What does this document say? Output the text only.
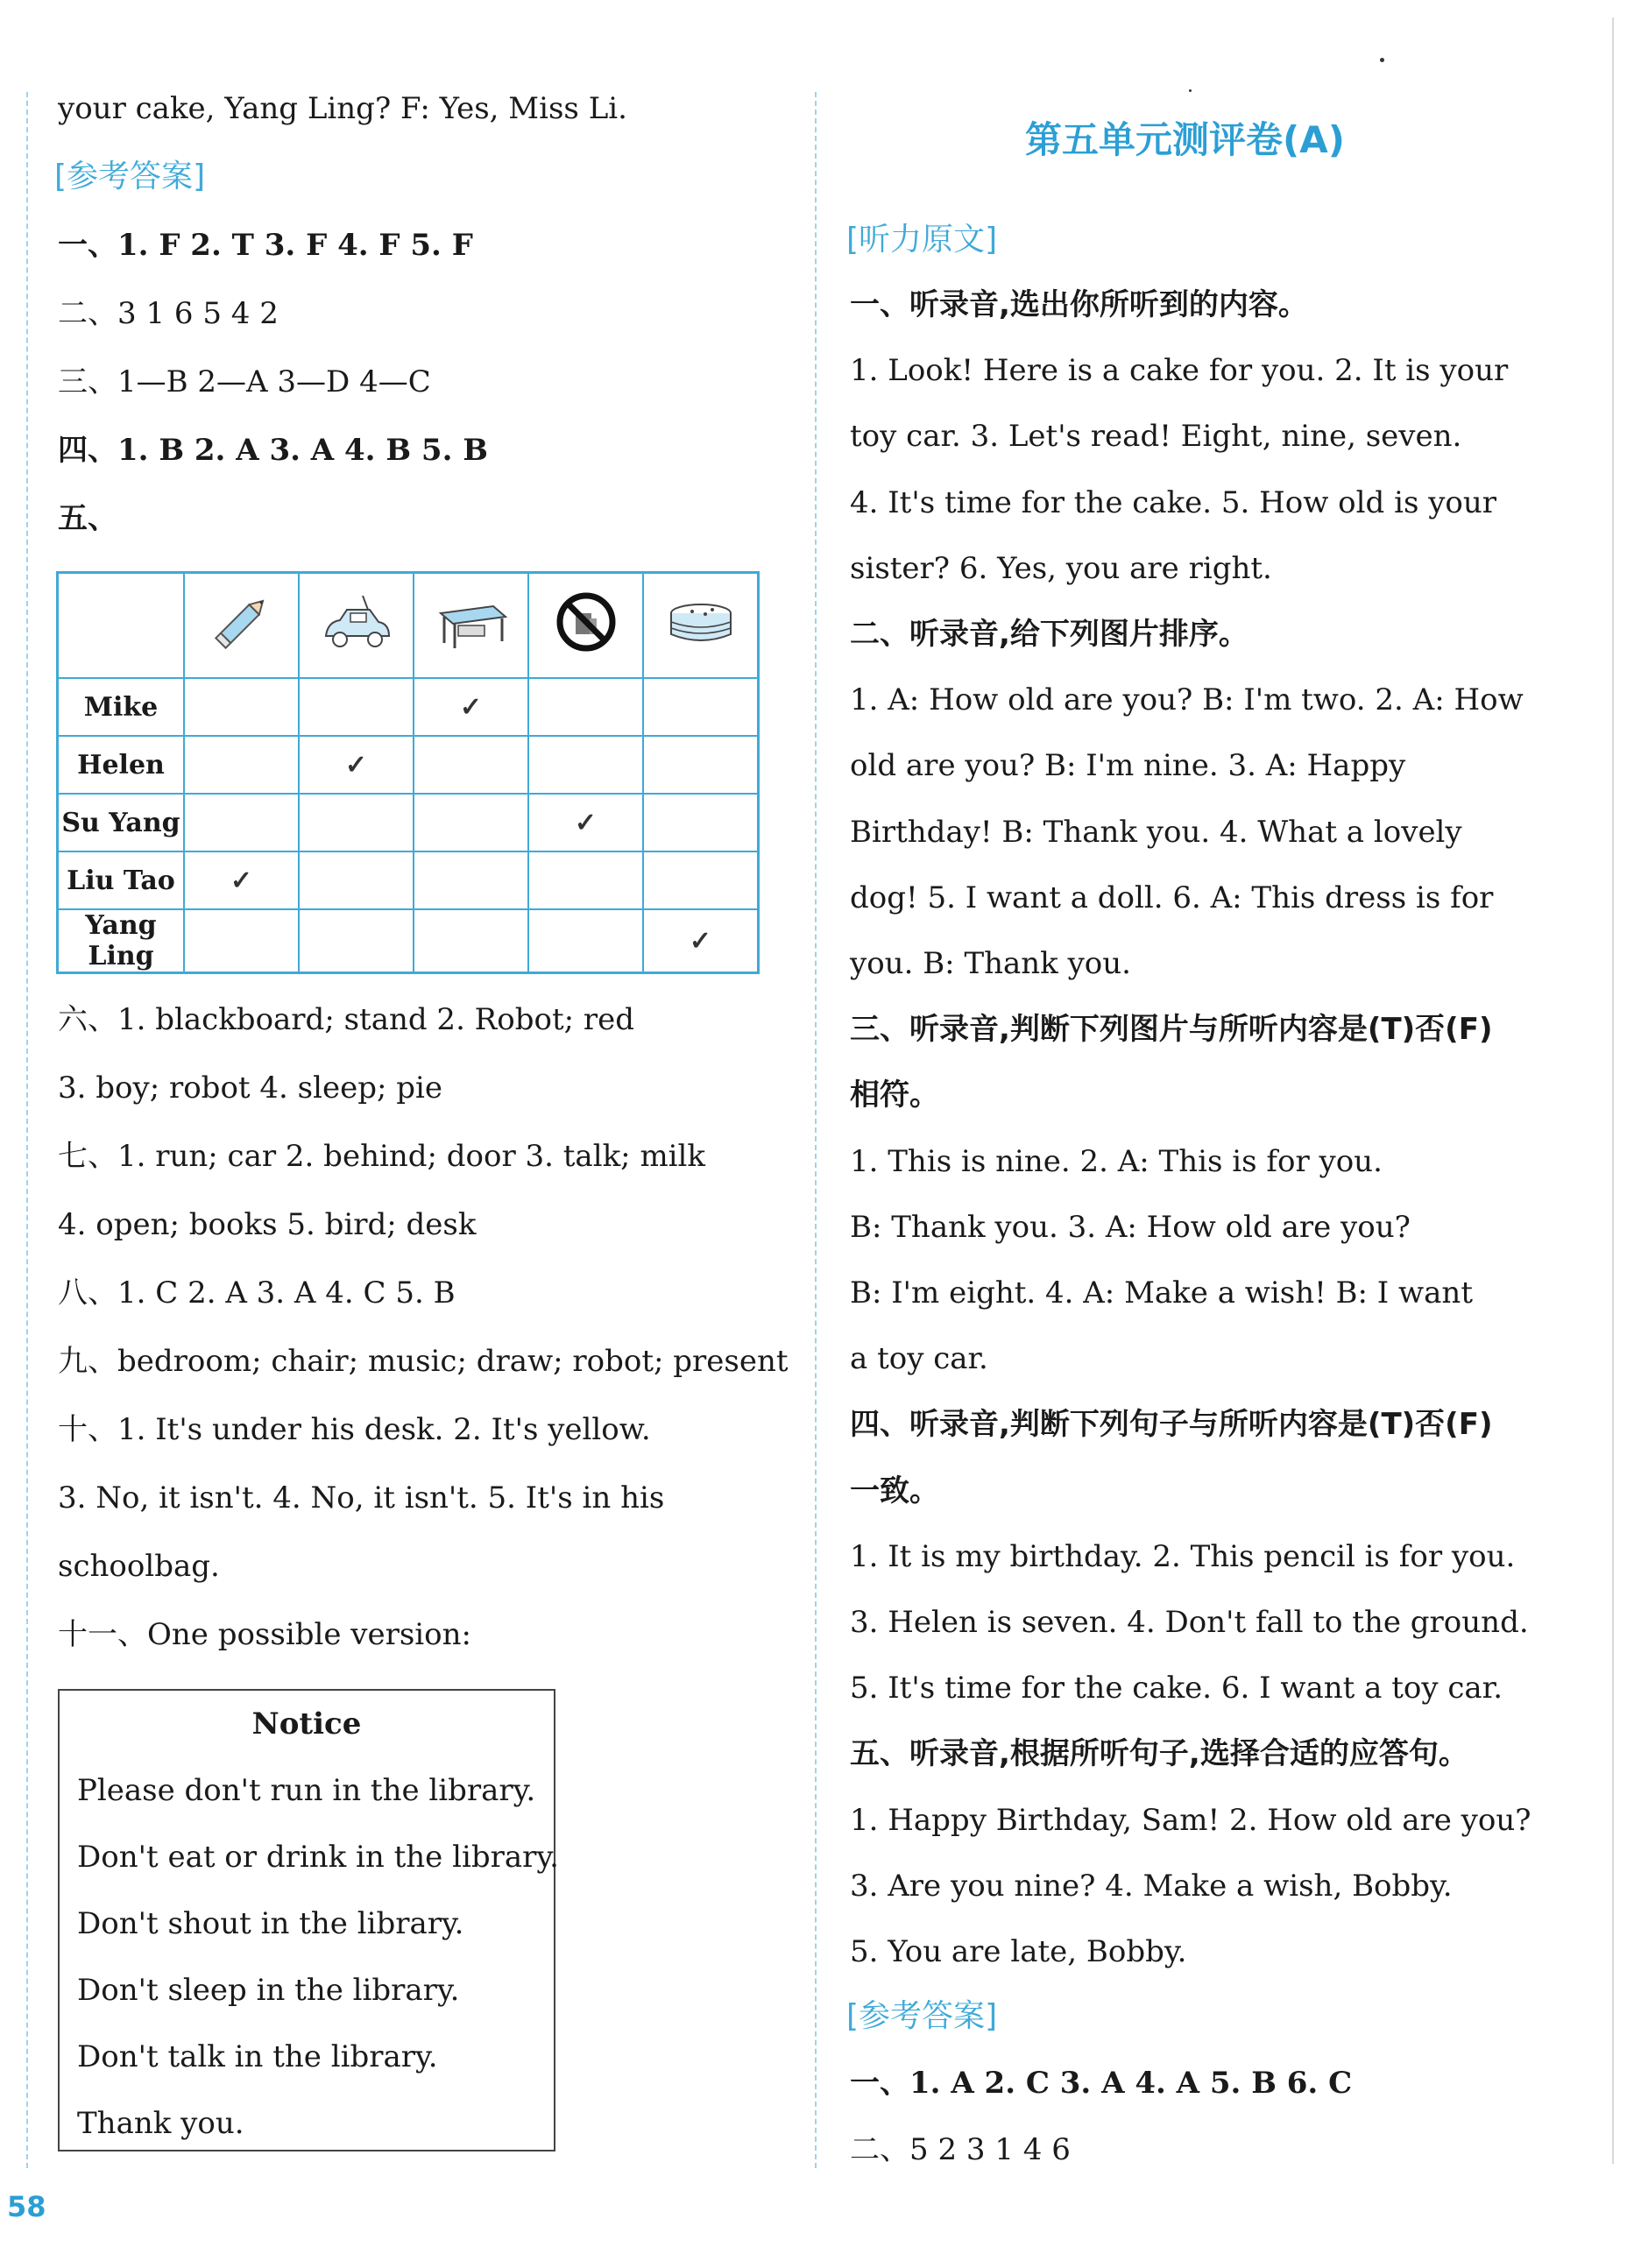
your cake, Yang Ling? F: Yes, Miss Li.
[参考答案]
一、1. F 2. T 3. F 4. F 5. F
二、3 1 6 5 4 2
三、1—B 2—A 3—D 4—C
四、1. B 2. A 3. A 4. B 5. B
五、

Mike			✓		
Helen		✓			
Su Yang				✓	
Liu Tao	✓				
Yang Ling					✓
六、1. blackboard; stand 2. Robot; red
3. boy; robot 4. sleep; pie
七、1. run; car 2. behind; door 3. talk; milk
4. open; books 5. bird; desk
八、1. C 2. A 3. A 4. C 5. B
九、bedroom; chair; music; draw; robot; present
十、1. It's under his desk. 2. It's yellow.
3. No, it isn't. 4. No, it isn't. 5. It's in his
schoolbag.
十一、One possible version:
Notice
Please don't run in the library.
Don't eat or drink in the library.
Don't shout in the library.
Don't sleep in the library.
Don't talk in the library.
Thank you.
58
第五单元测评卷(A)
[听力原文]
一、听录音,选出你所听到的内容。
1. Look! Here is a cake for you. 2. It is your
toy car. 3. Let's read! Eight, nine, seven.
4. It's time for the cake. 5. How old is your
sister? 6. Yes, you are right.
二、听录音,给下列图片排序。
1. A: How old are you? B: I'm two. 2. A: How
old are you? B: I'm nine. 3. A: Happy
Birthday! B: Thank you. 4. What a lovely
dog! 5. I want a doll. 6. A: This dress is for
you. B: Thank you.
三、听录音,判断下列图片与所听内容是(T)否(F)
相符。
1. This is nine. 2. A: This is for you.
B: Thank you. 3. A: How old are you?
B: I'm eight. 4. A: Make a wish! B: I want
a toy car.
四、听录音,判断下列句子与所听内容是(T)否(F)
一致。
1. It is my birthday. 2. This pencil is for you.
3. Helen is seven. 4. Don't fall to the ground.
5. It's time for the cake. 6. I want a toy car.
五、听录音,根据所听句子,选择合适的应答句。
1. Happy Birthday, Sam! 2. How old are you?
3. Are you nine? 4. Make a wish, Bobby.
5. You are late, Bobby.
[参考答案]
一、1. A 2. C 3. A 4. A 5. B 6. C
二、5 2 3 1 4 6
